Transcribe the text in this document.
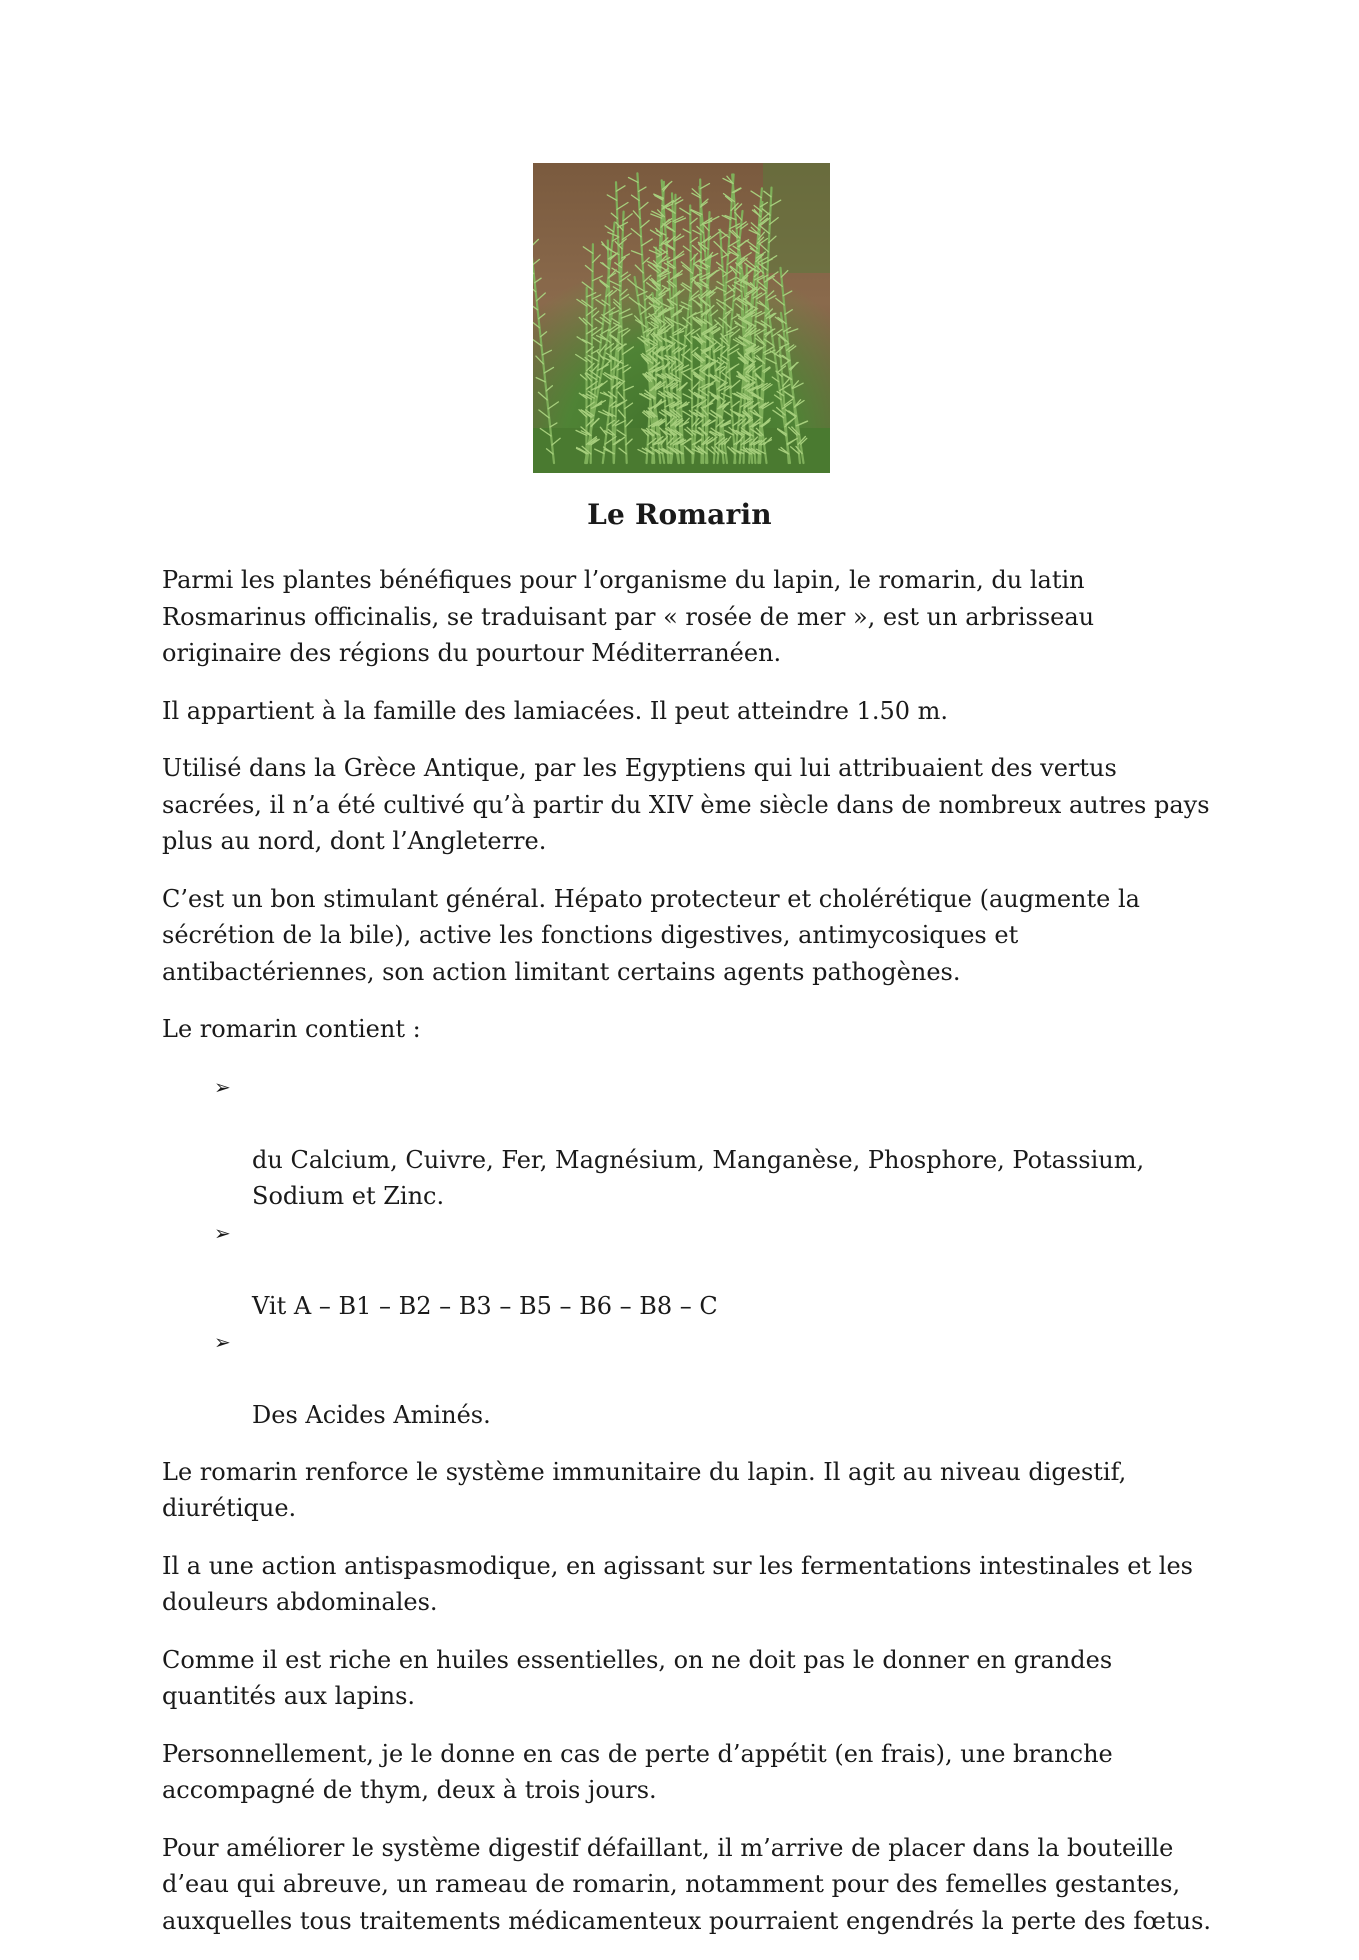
Le Romarin

Parmi les plantes bénéfiques pour l’organisme du lapin, le romarin, du latin
Rosmarinus officinalis, se traduisant par « rosée de mer », est un arbrisseau
originaire des régions du pourtour Méditerranéen.

Il appartient à la famille des lamiacées. Il peut atteindre 1.50 m.

Utilisé dans la Grèce Antique, par les Egyptiens qui lui attribuaient des vertus
sacrées, il n’a été cultivé qu’à partir du XIV ème siècle dans de nombreux autres pays
plus au nord, dont l’Angleterre.

C’est un bon stimulant général. Hépato protecteur et cholérétique (augmente la
sécrétion de la bile), active les fonctions digestives, antimycosiques et
antibactériennes, son action limitant certains agents pathogènes.

Le romarin contient :

➢

du Calcium, Cuivre, Fer, Magnésium, Manganèse, Phosphore, Potassium,
Sodium et Zinc.

➢

Vit A – B1 – B2 – B3 – B5 – B6 – B8 – C

➢

Des Acides Aminés.

Le romarin renforce le système immunitaire du lapin. Il agit au niveau digestif,
diurétique.

Il a une action antispasmodique, en agissant sur les fermentations intestinales et les
douleurs abdominales.

Comme il est riche en huiles essentielles, on ne doit pas le donner en grandes
quantités aux lapins.

Personnellement, je le donne en cas de perte d’appétit (en frais), une branche
accompagné de thym, deux à trois jours.

Pour améliorer le système digestif défaillant, il m’arrive de placer dans la bouteille
d’eau qui abreuve, un rameau de romarin, notamment pour des femelles gestantes,
auxquelles tous traitements médicamenteux pourraient engendrés la perte des fœtus.
